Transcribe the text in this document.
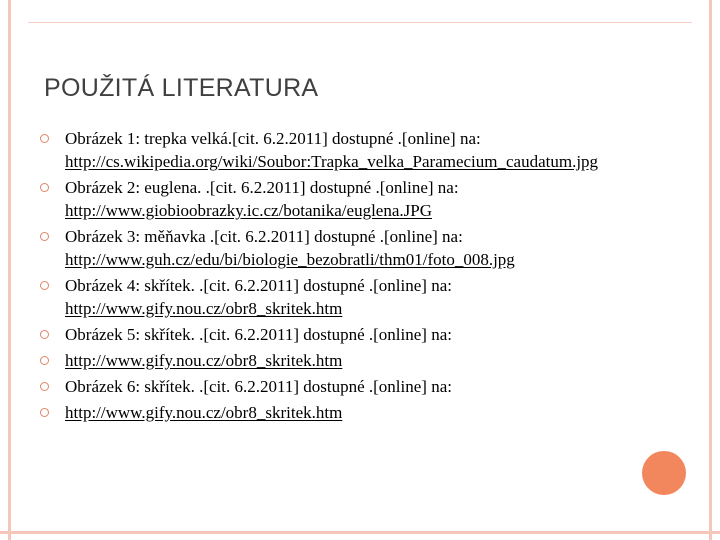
POUŽITÁ LITERATURA
Obrázek 1: trepka velká.[cit. 6.2.2011] dostupné .[online] na:
http://cs.wikipedia.org/wiki/Soubor:Trapka_velka_Paramecium_caudatum.jpg
Obrázek 2: euglena. .[cit. 6.2.2011] dostupné .[online] na:
http://www.giobioobrazky.ic.cz/botanika/euglena.JPG
Obrázek 3: měňavka .[cit. 6.2.2011] dostupné .[online] na:
http://www.guh.cz/edu/bi/biologie_bezobratli/thm01/foto_008.jpg
Obrázek 4: skřítek. .[cit. 6.2.2011] dostupné .[online] na:
http://www.gify.nou.cz/obr8_skritek.htm
Obrázek 5: skřítek. .[cit. 6.2.2011] dostupné .[online] na:
http://www.gify.nou.cz/obr8_skritek.htm
Obrázek 6: skřítek. .[cit. 6.2.2011] dostupné .[online] na:
http://www.gify.nou.cz/obr8_skritek.htm
